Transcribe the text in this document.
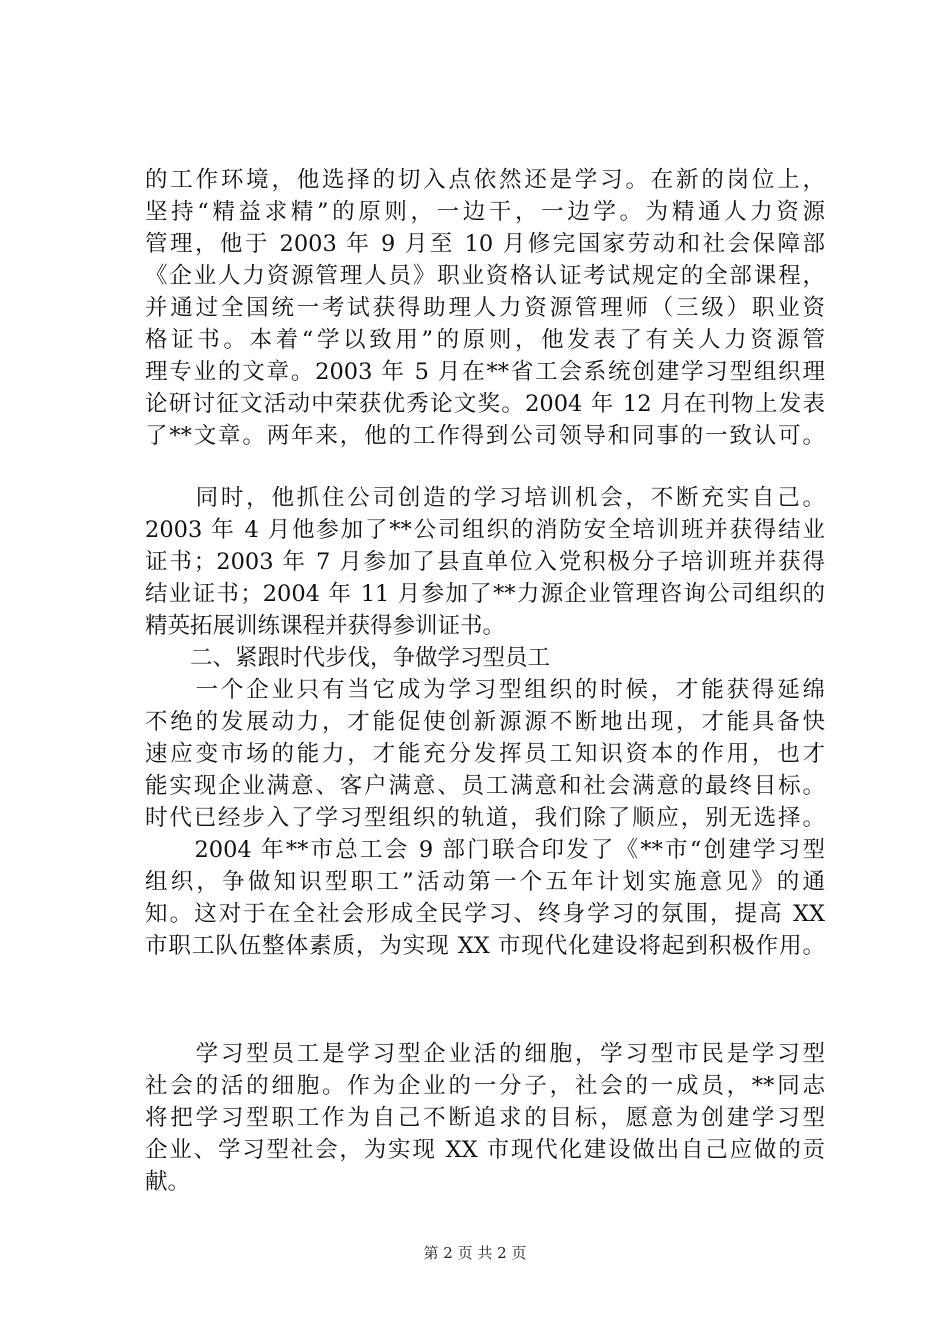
的工作环境，他选择的切入点依然还是学习。在新的岗位上，
坚持“精益求精”的原则，一边干，一边学。为精通人力资源
管理，他于 2003 年 9 月至 10 月修完国家劳动和社会保障部
《企业人力资源管理人员》职业资格认证考试规定的全部课程，
并通过全国统一考试获得助理人力资源管理师（三级）职业资
格证书。本着“学以致用”的原则，他发表了有关人力资源管
理专业的文章。2003 年 5 月在**省工会系统创建学习型组织理
论研讨征文活动中荣获优秀论文奖。2004 年 12 月在刊物上发表
了**文章。两年来，他的工作得到公司领导和同事的一致认可。
　　同时，他抓住公司创造的学习培训机会，不断充实自己。
2003 年 4 月他参加了**公司组织的消防安全培训班并获得结业
证书；2003 年 7 月参加了县直单位入党积极分子培训班并获得
结业证书；2004 年 11 月参加了**力源企业管理咨询公司组织的
精英拓展训练课程并获得参训证书。
　　二、紧跟时代步伐，争做学习型员工
　　一个企业只有当它成为学习型组织的时候，才能获得延绵
不绝的发展动力，才能促使创新源源不断地出现，才能具备快
速应变市场的能力，才能充分发挥员工知识资本的作用，也才
能实现企业满意、客户满意、员工满意和社会满意的最终目标。
时代已经步入了学习型组织的轨道，我们除了顺应，别无选择。
　　2004 年**市总工会 9 部门联合印发了《**市“创建学习型
组织，争做知识型职工”活动第一个五年计划实施意见》的通
知。这对于在全社会形成全民学习、终身学习的氛围，提高 XX
市职工队伍整体素质，为实现 XX 市现代化建设将起到积极作用。
　　学习型员工是学习型企业活的细胞，学习型市民是学习型
社会的活的细胞。作为企业的一分子，社会的一成员，**同志
将把学习型职工作为自己不断追求的目标，愿意为创建学习型
企业、学习型社会，为实现 XX 市现代化建设做出自己应做的贡
献。
第 2 页 共 2 页
